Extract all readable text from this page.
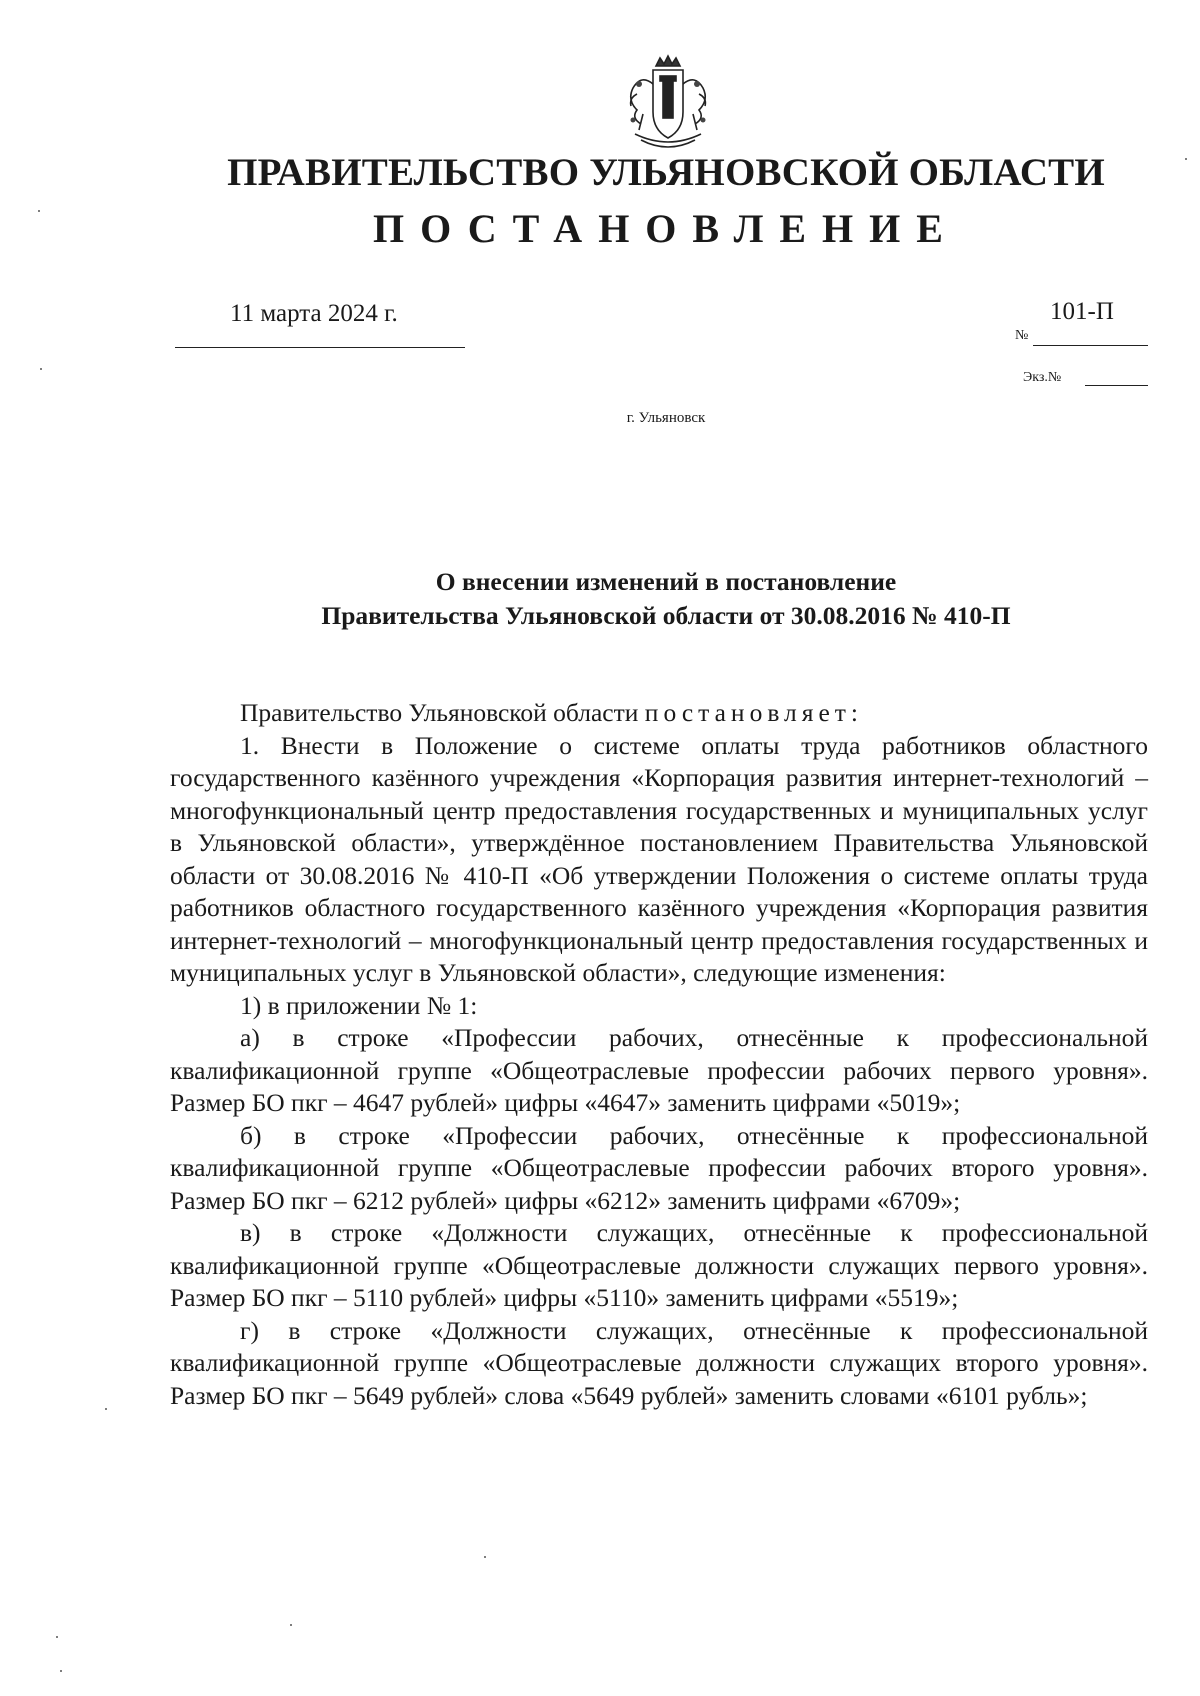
ПРАВИТЕЛЬСТВО УЛЬЯНОВСКОЙ ОБЛАСТИ
ПОСТАНОВЛЕНИЕ
11 марта 2024 г.
№
101-П
Экз.№
г. Ульяновск
О внесении изменений в постановление
Правительства Ульяновской области от 30.08.2016 № 410-П

Правительство Ульяновской области постановляет:

1. Внести в Положение о системе оплаты труда работников областного государственного казённого учреждения «Корпорация развития интернет-технологий – многофункциональный центр предоставления государственных и муниципальных услуг в Ульяновской области», утверждённое постановлением Правительства Ульяновской области от 30.08.2016 № 410-П «Об утверждении Положения о системе оплаты труда работников областного государственного казённого учреждения «Корпорация развития интернет-технологий – многофункциональный центр предоставления государственных и муниципальных услуг в Ульяновской области», следующие изменения:

1) в приложении № 1:

а) в строке «Профессии рабочих, отнесённые к профессиональной квалификационной группе «Общеотраслевые профессии рабочих первого уровня». Размер БО пкг – 4647 рублей» цифры «4647» заменить цифрами «5019»;

б) в строке «Профессии рабочих, отнесённые к профессиональной квалификационной группе «Общеотраслевые профессии рабочих второго уровня». Размер БО пкг – 6212 рублей» цифры «6212» заменить цифрами «6709»;

в) в строке «Должности служащих, отнесённые к профессиональной квалификационной группе «Общеотраслевые должности служащих первого уровня». Размер БО пкг – 5110 рублей» цифры «5110» заменить цифрами «5519»;

г) в строке «Должности служащих, отнесённые к профессиональной квалификационной группе «Общеотраслевые должности служащих второго уровня». Размер БО пкг – 5649 рублей» слова «5649 рублей» заменить словами «6101 рубль»;
